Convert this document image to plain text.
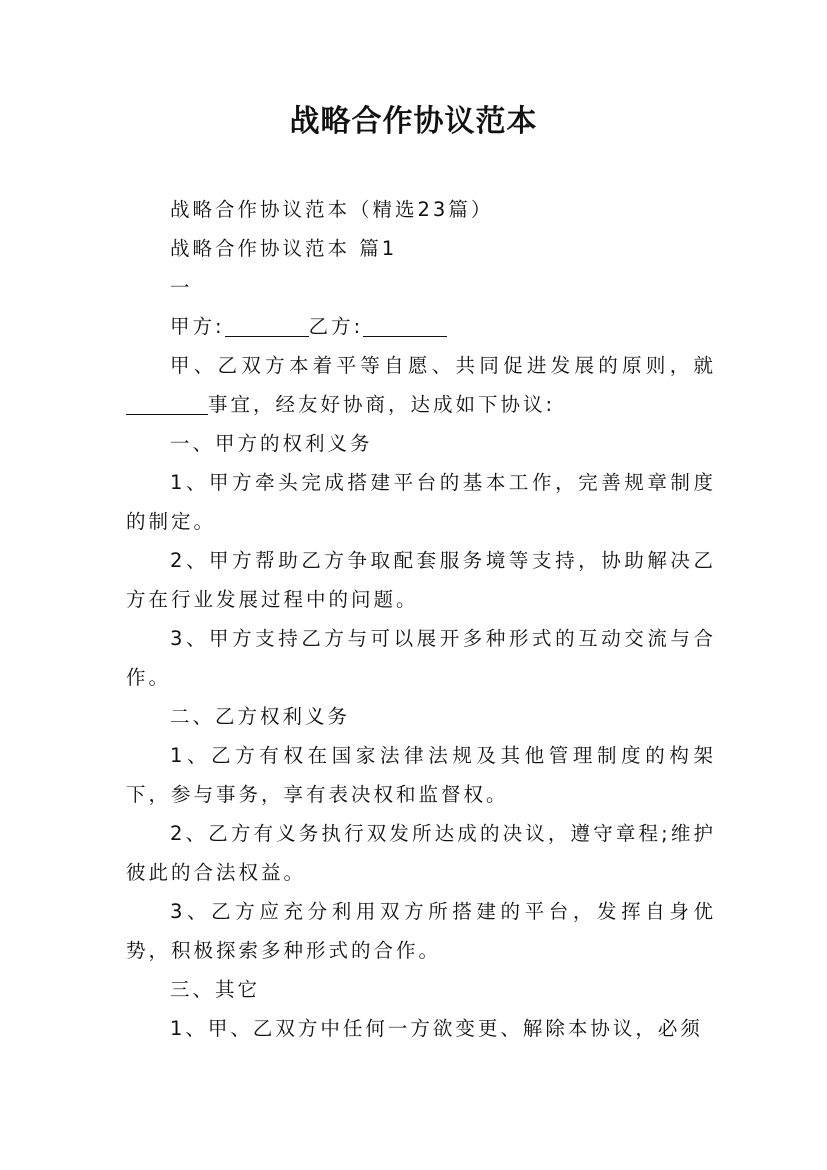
战略合作协议范本

战略合作协议范本（精选23篇）

战略合作协议范本 篇1

一

甲方:	乙方:

甲、乙双方本着平等自愿、共同促进发展的原则，就事宜，经友好协商，达成如下协议:

一、甲方的权利义务

1、甲方牵头完成搭建平台的基本工作，完善规章制度的制定。

2、甲方帮助乙方争取配套服务境等支持，协助解决乙方在行业发展过程中的问题。

3、甲方支持乙方与可以展开多种形式的互动交流与合作。

二、乙方权利义务

1、乙方有权在国家法律法规及其他管理制度的构架下，参与事务，享有表决权和监督权。

2、乙方有义务执行双发所达成的决议，遵守章程;维护彼此的合法权益。

3、乙方应充分利用双方所搭建的平台，发挥自身优势，积极探索多种形式的合作。

三、其它

1、甲、乙双方中任何一方欲变更、解除本协议，必须
